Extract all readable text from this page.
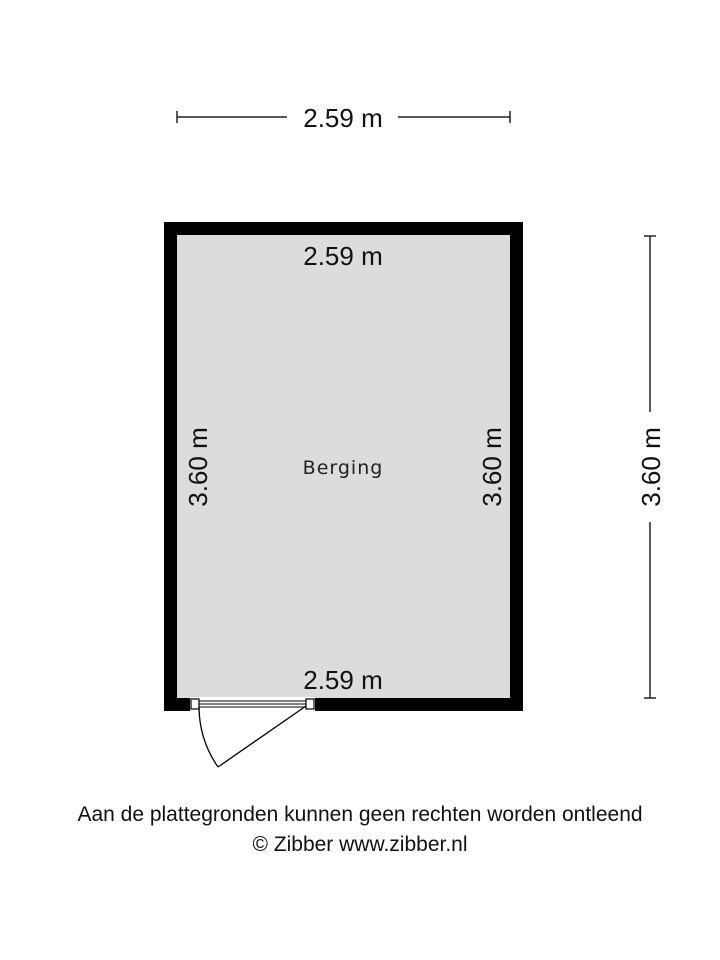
2.59 m
3.60 m
2.59 m
2.59 m
3.60 m	3.60 m
Berging
Aan de plattegronden kunnen geen rechten worden ontleend
© Zibber www.zibber.nl
